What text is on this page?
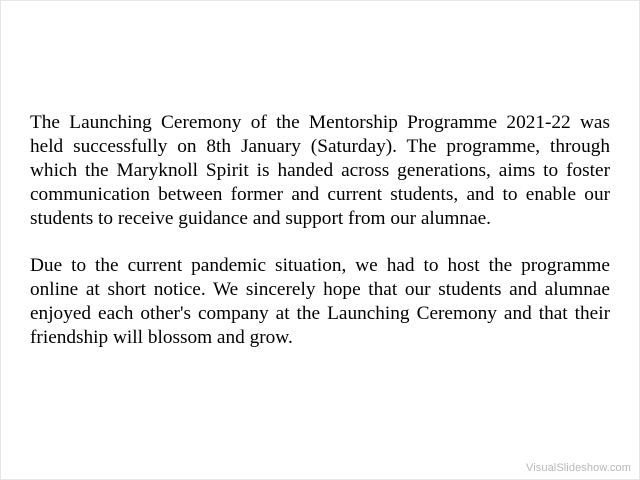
The Launching Ceremony of the Mentorship Programme 2021-22 was held successfully on 8th January (Saturday). The programme, through which the Maryknoll Spirit is handed across generations, aims to foster communication between former and current students, and to enable our students to receive guidance and support from our alumnae.

Due to the current pandemic situation, we had to host the programme online at short notice. We sincerely hope that our students and alumnae enjoyed each other's company at the Launching Ceremony and that their friendship will blossom and grow.

VisualSlideshow.com
